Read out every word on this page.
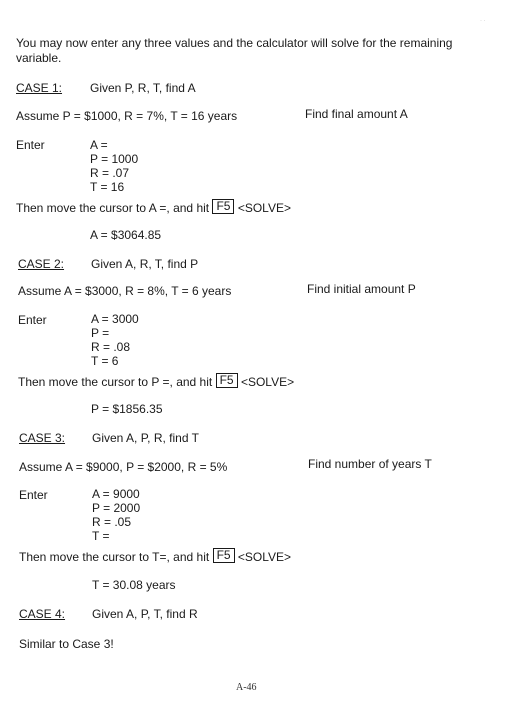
· ·
You may now enter any three values and the calculator will solve for the remaining variable.
CASE 1: Given P, R, T, find A
Assume P = $1000, R = 7%, T = 16 years	Find final amount A
Enter	A =
P = 1000
R = .07
T = 16
Then move the cursor to A =, and hit F5 <SOLVE>
A = $3064.85
CASE 2: Given A, R, T, find P
Assume A = $3000, R = 8%, T = 6 years	Find initial amount P
Enter	A = 3000
P =
R = .08
T = 6
Then move the cursor to P =, and hit F5 <SOLVE>
P = $1856.35
CASE 3: Given A, P, R, find T
Assume A = $9000, P = $2000, R = 5%	Find number of years T
Enter	A = 9000
P = 2000
R = .05
T =
Then move the cursor to T=, and hit F5 <SOLVE>
T = 30.08 years
CASE 4: Given A, P, T, find R
Similar to Case 3!
A-46
